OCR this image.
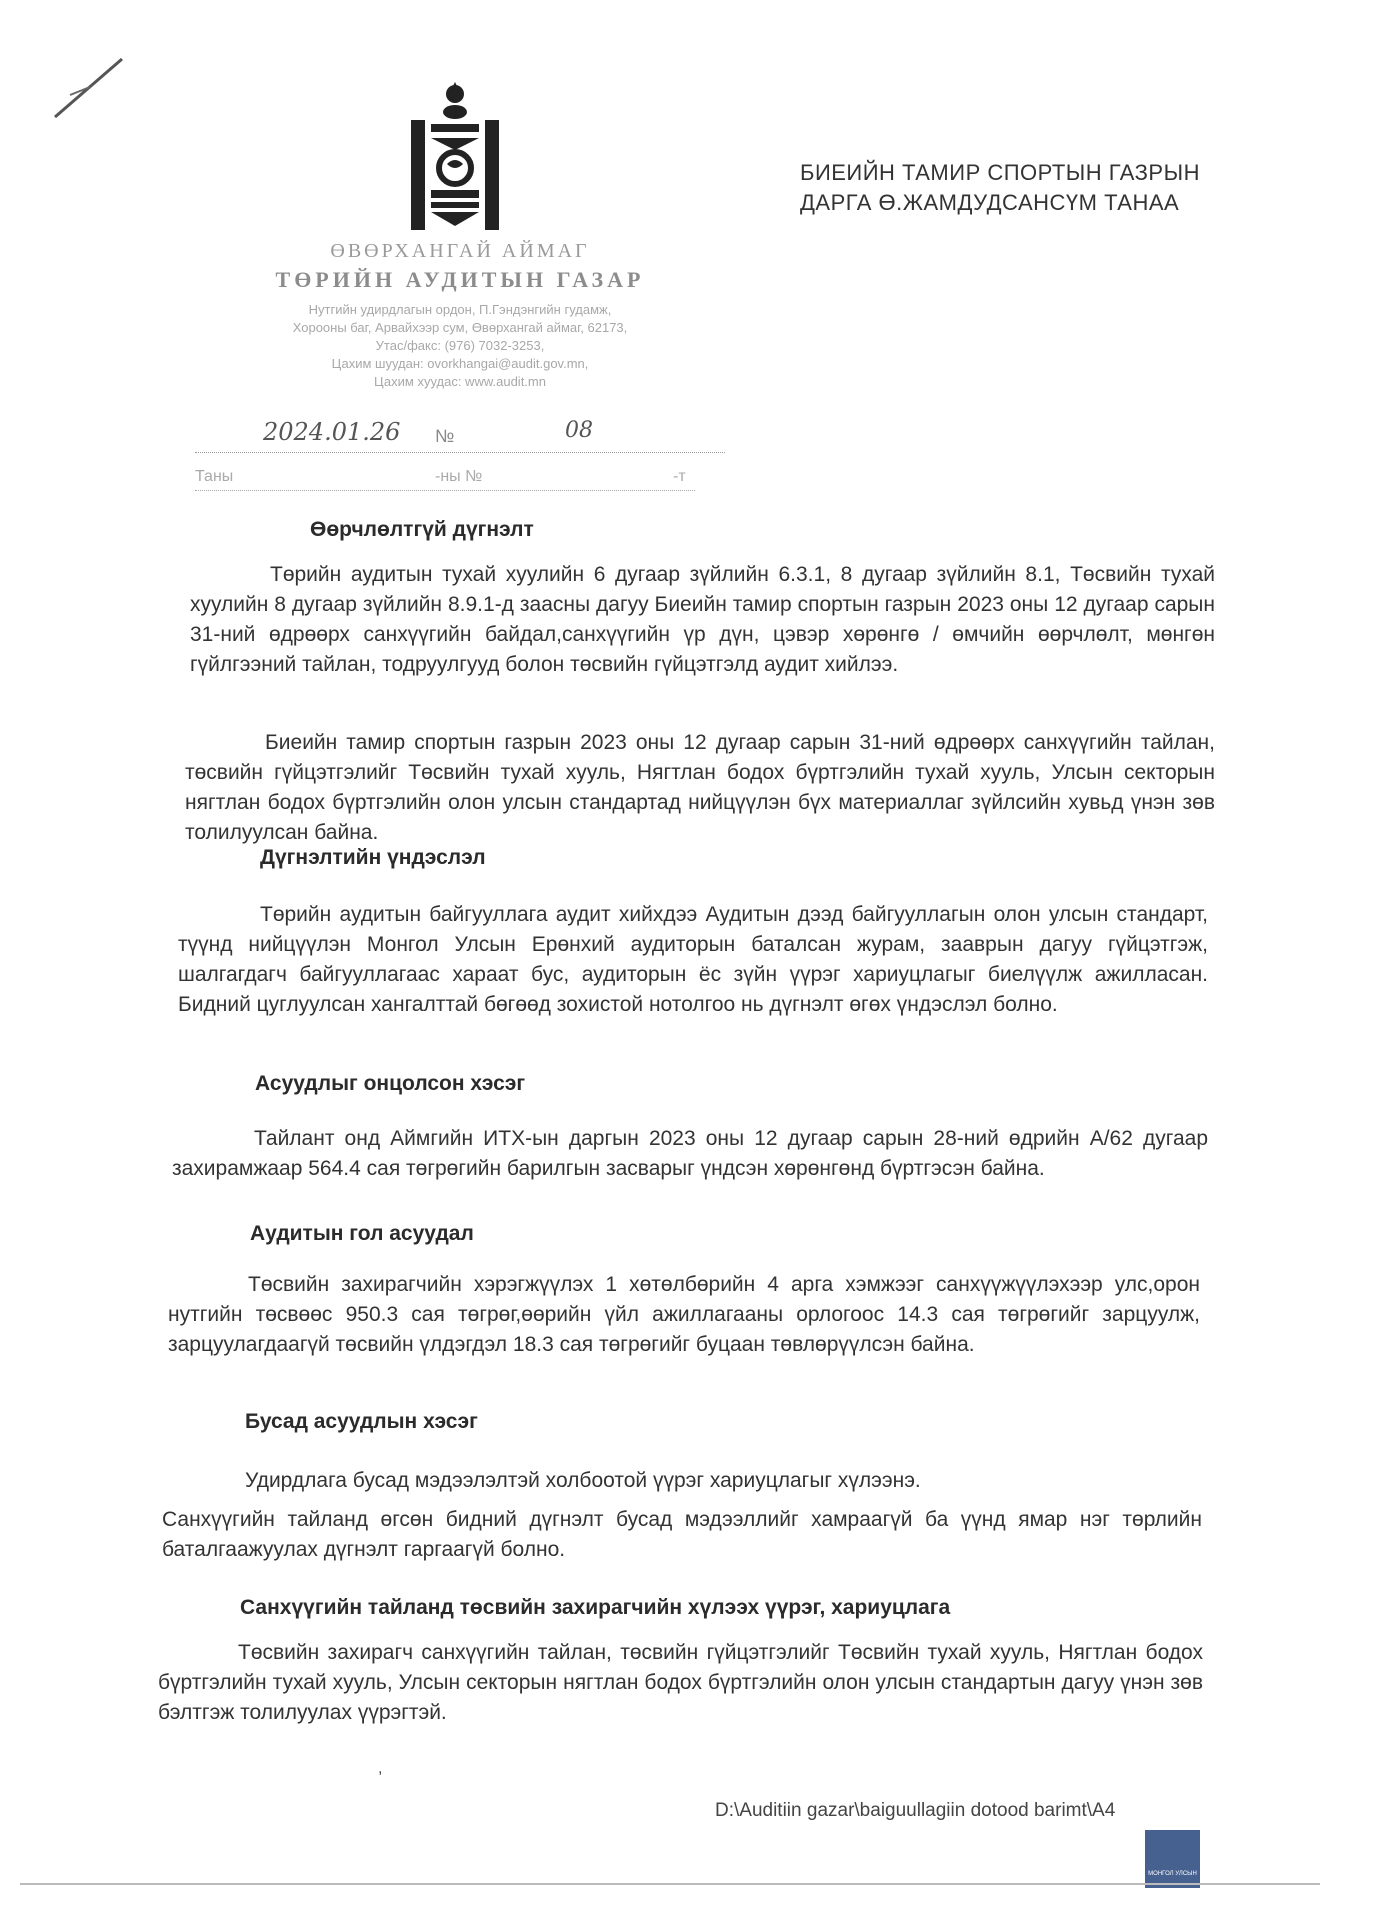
ӨВӨРХАНГАЙ АЙМАГ
ТӨРИЙН АУДИТЫН ГАЗАР
Нутгийн удирдлагын ордон, П.Гэндэнгийн гудамж,
Хорооны баг, Арвайхээр сум, Өвөрхангай аймаг, 62173,
Утас/факс: (976) 7032-3253,
Цахим шуудан: ovorkhangai@audit.gov.mn,
Цахим хуудас: www.audit.mn
2024.01.26 №	08
Таны	-ны №	-т
БИЕИЙН ТАМИР СПОРТЫН ГАЗРЫН
ДАРГА Ө.ЖАМДУДСАНСҮМ ТАНАА
Өөрчлөлтгүй дүгнэлт

Төрийн аудитын тухай хуулийн 6 дугаар зүйлийн 6.3.1, 8 дугаар зүйлийн 8.1, Төсвийн тухай хуулийн 8 дугаар зүйлийн 8.9.1-д заасны дагуу Биеийн тамир спортын газрын 2023 оны 12 дугаар сарын 31-ний өдрөөрх санхүүгийн байдал,санхүүгийн үр дүн, цэвэр хөрөнгө / өмчийн өөрчлөлт, мөнгөн гүйлгээний тайлан, тодруулгууд болон төсвийн гүйцэтгэлд аудит хийлээ.

Биеийн тамир спортын газрын 2023 оны 12 дугаар сарын 31-ний өдрөөрх санхүүгийн тайлан, төсвийн гүйцэтгэлийг Төсвийн тухай хууль, Нягтлан бодох бүртгэлийн тухай хууль, Улсын секторын нягтлан бодох бүртгэлийн олон улсын стандартад нийцүүлэн бүх материаллаг зүйлсийн хувьд үнэн зөв толилуулсан байна.

Дүгнэлтийн үндэслэл

Төрийн аудитын байгууллага аудит хийхдээ Аудитын дээд байгууллагын олон улсын стандарт, түүнд нийцүүлэн Монгол Улсын Ерөнхий аудиторын баталсан журам, зааврын дагуу гүйцэтгэж, шалгагдагч байгууллагаас хараат бус, аудиторын ёс зүйн үүрэг хариуцлагыг биелүүлж ажилласан. Бидний цуглуулсан хангалттай бөгөөд зохистой нотолгоо нь дүгнэлт өгөх үндэслэл болно.

Асуудлыг онцолсон хэсэг

Тайлант онд Аймгийн ИТХ-ын даргын 2023 оны 12 дугаар сарын 28-ний өдрийн А/62 дугаар захирамжаар 564.4 сая төгрөгийн барилгын засварыг үндсэн хөрөнгөнд бүртгэсэн байна.

Аудитын гол асуудал

Төсвийн захирагчийн хэрэгжүүлэх 1 хөтөлбөрийн 4 арга хэмжээг санхүүжүүлэхээр улс,орон нутгийн төсвөөс 950.3 сая төгрөг,өөрийн үйл ажиллагааны орлогоос 14.3 сая төгрөгийг зарцуулж, зарцуулагдаагүй төсвийн үлдэгдэл 18.3 сая төгрөгийг буцаан төвлөрүүлсэн байна.

Бусад асуудлын хэсэг

Удирдлага бусад мэдээлэлтэй холбоотой үүрэг хариуцлагыг хүлээнэ.

Санхүүгийн тайланд өгсөн бидний дүгнэлт бусад мэдээллийг хамраагүй ба үүнд ямар нэг төрлийн баталгаажуулах дүгнэлт гаргаагүй болно.

Санхүүгийн тайланд төсвийн захирагчийн хүлээх үүрэг, хариуцлага

Төсвийн захирагч санхүүгийн тайлан, төсвийн гүйцэтгэлийг Төсвийн тухай хууль, Нягтлан бодох бүртгэлийн тухай хууль, Улсын секторын нягтлан бодох бүртгэлийн олон улсын стандартын дагуу үнэн зөв бэлтгэж толилуулах үүрэгтэй.

,
D:\Auditiin gazar\baiguullagiin dotood barimt\A4
МОНГОЛ УЛСЫН
